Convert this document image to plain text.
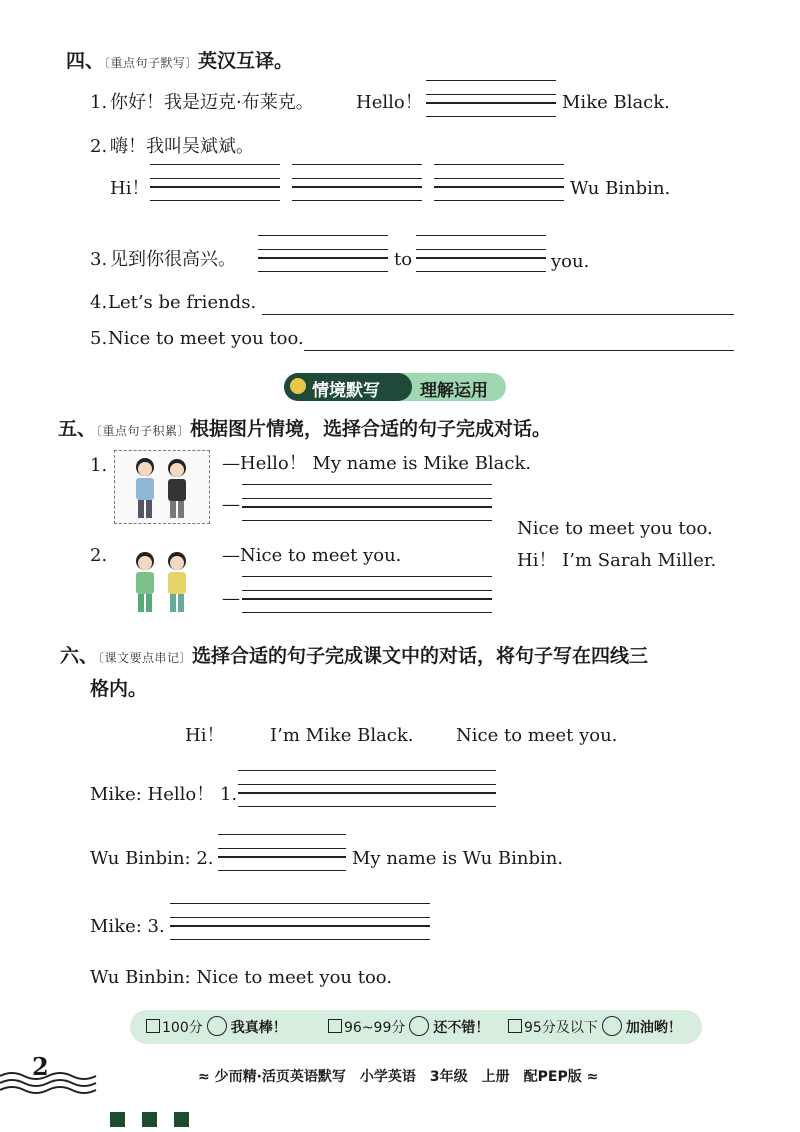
四、〔重点句子默写〕英汉互译。
1. 你好！我是迈克·布莱克。 Hello！	Mike Black.
2. 嗨！我叫吴斌斌。
Hi！	Wu Binbin.
3. 见到你很高兴。	to	you.
4. Let’s be friends.
5. Nice to meet you too.
情境默写 理解运用
五、〔重点句子积累〕根据图片情境，选择合适的句子完成对话。
1.	—Hello！ My name is Mike Black.
—
Nice to meet you too.
Hi！ I’m Sarah Miller.
2.	—Nice to meet you.
—
六、〔课文要点串记〕选择合适的句子完成课文中的对话，将句子写在四线三
格内。
Hi！	I’m Mike Black. Nice to meet you.
Mike: Hello！ 1.
Wu Binbin: 2.	My name is Wu Binbin.
Mike: 3.
Wu Binbin: Nice to meet you too.
100分 我真棒！	96~99分 还不错！	95分及以下 加油哟！
2	≈ 少而精·活页英语默写　小学英语　3年级　上册　配PEP版 ≈
